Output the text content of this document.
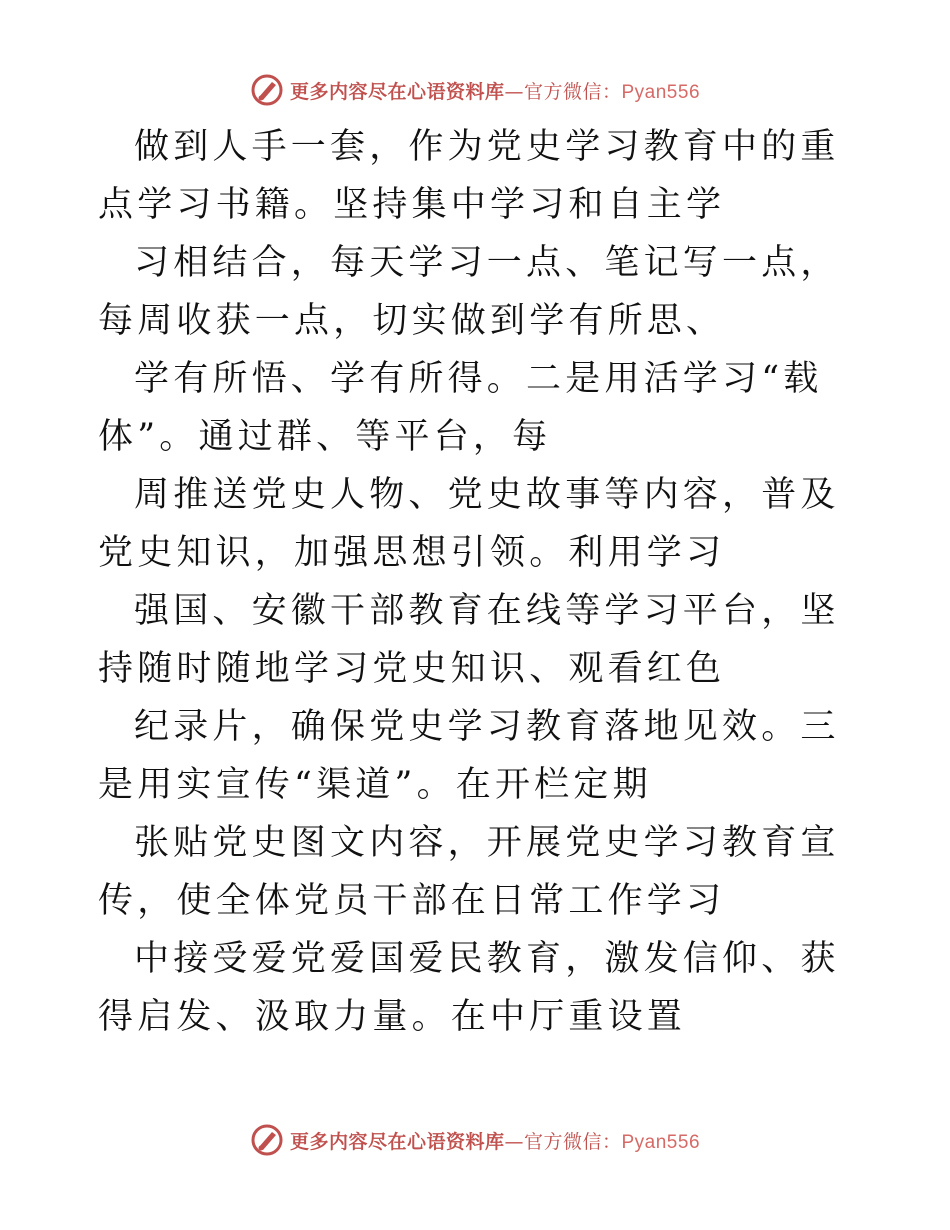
更多内容尽在心语资料库—官方微信：Pyan556

做到人手一套，作为党史学习教育中的重点学习书籍。坚持集中学习和自主学

习相结合，每天学习一点、笔记写一点，每周收获一点，切实做到学有所思、

学有所悟、学有所得。二是用活学习“载体”。通过群、等平台，每

周推送党史人物、党史故事等内容，普及党史知识，加强思想引领。利用学习

强国、安徽干部教育在线等学习平台，坚持随时随地学习党史知识、观看红色

纪录片，确保党史学习教育落地见效。三是用实宣传“渠道”。在开栏定期

张贴党史图文内容，开展党史学习教育宣传，使全体党员干部在日常工作学习

中接受爱党爱国爱民教育，激发信仰、获得启发、汲取力量。在中厅重设置

更多内容尽在心语资料库—官方微信：Pyan556
